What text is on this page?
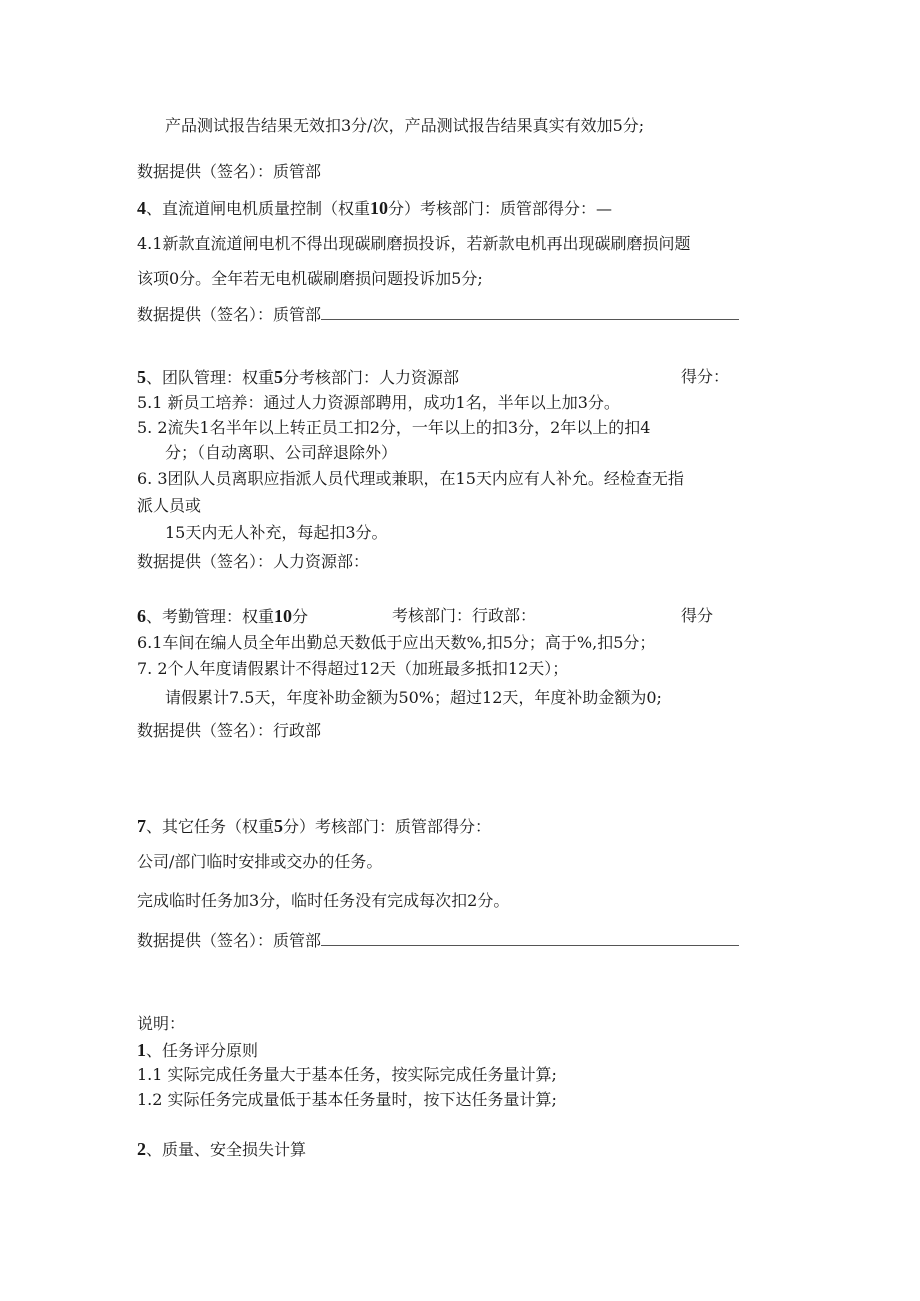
产品测试报告结果无效扣3分/次，产品测试报告结果真实有效加5分;
数据提供（签名）：质管部
4、直流道闸电机质量控制（权重10分）考核部门：质管部得分：—
4.1新款直流道闸电机不得出现碳刷磨损投诉，若新款电机再出现碳刷磨损问题
该项0分。全年若无电机碳刷磨损问题投诉加5分;
数据提供（签名）：质管部
5、团队管理：权重5分考核部门：人力资源部	得分：
5.1 新员工培养：通过人力资源部聘用，成功1名，半年以上加3分。
5. 2流失1名半年以上转正员工扣2分，一年以上的扣3分，2年以上的扣4
分；（自动离职、公司辞退除外）
6. 3团队人员离职应指派人员代理或兼职，在15天内应有人补允。经检查无指
派人员或
15天内无人补充，每起扣3分。
数据提供（签名）：人力资源部：
6、考勤管理：权重10分	考核部门：行政部：	得分
6.1车间在编人员全年出勤总天数低于应出天数%,扣5分；高于%,扣5分；
7. 2个人年度请假累计不得超过12天（加班最多抵扣12天）；
请假累计7.5天，年度补助金额为50%；超过12天，年度补助金额为0;
数据提供（签名）：行政部
7、其它任务（权重5分）考核部门：质管部得分：
公司/部门临时安排或交办的任务。
完成临时任务加3分，临时任务没有完成每次扣2分。
数据提供（签名）：质管部
说明：
1、任务评分原则
1.1 实际完成任务量大于基本任务，按实际完成任务量计算;
1.2 实际任务完成量低于基本任务量时，按下达任务量计算;
2、质量、安全损失计算
